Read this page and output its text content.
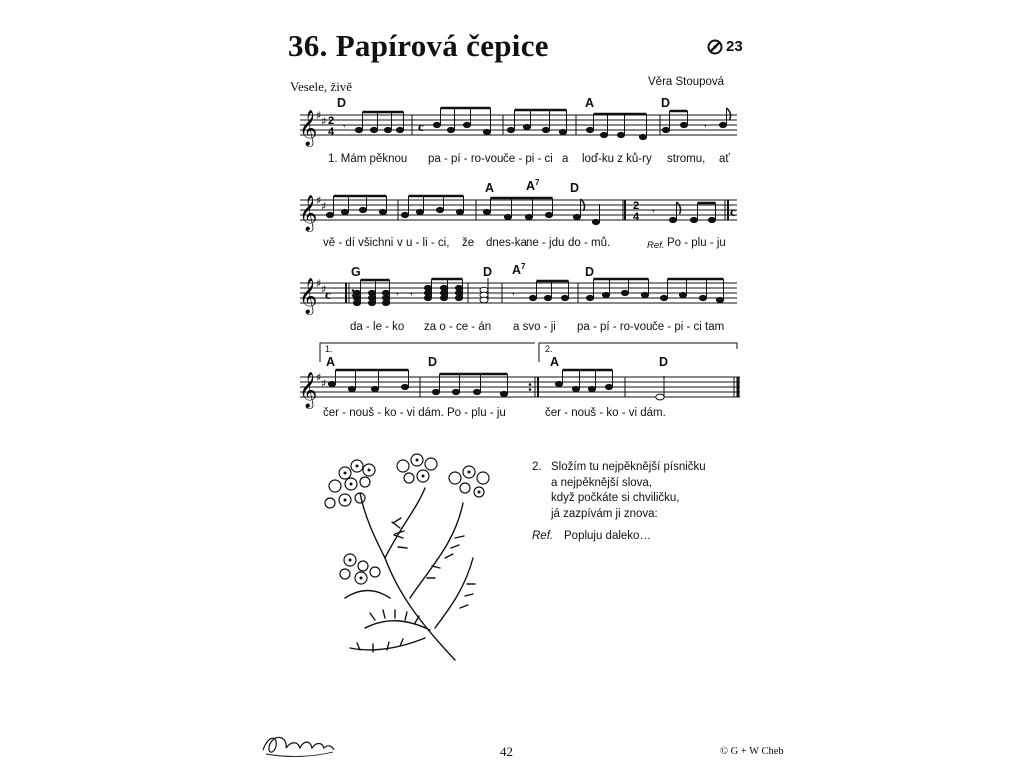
36. Papírová čepice	23
Vesele, živě	Věra Stoupová
D	A	D
𝄞
♯ ♯ 2
4 𝄾	c	𝄾
1. Mám pěknou pa - pí - ro-vou če - pi - ci a loď-ku z ků-ry stromu, ať
A	$A^7$ D
𝄞
♯ ♯	2
4 𝄾	c
vě - dí všichni v u - li - ci, že dnes-ka ne - jdu do - mů.	Ref. Po - plu - ju
G	D $A^7$	D
𝄞
♯ ♯
c	𝄾 𝄾	𝄾
da - le - ko za o - ce - án a svo - ji pa - pí - ro-vou če - pi - ci tam
1.	2.
A	D	A	D
𝄞
♯ ♯
čer - nouš - ko - vi dám. Po - plu - ju	čer - nouš - ko - vi dám.
2. Složím tu nejpěknější písničku
a nejpěknější slova,
když počkáte si chviličku,
já zazpívám ji znova:
Ref. Popluju daleko…
42	© G + W Cheb
